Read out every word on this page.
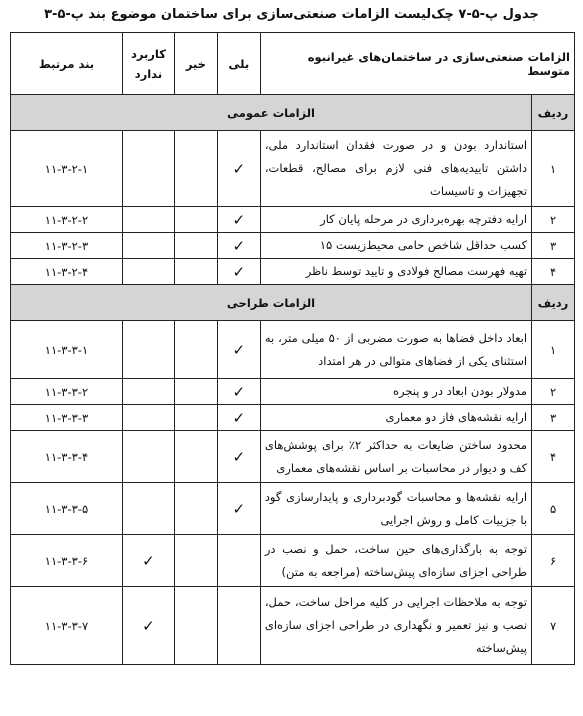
جدول پ-۵-۷ چک‌لیست الزامات صنعتی‌سازی برای ساختمان موضوع بند پ-۵-۳
الزامات صنعتی‌سازی در ساختمان‌های غیرانبوه متوسط		بلی	خیر	کاربرد ندارد	بند مرتبط
ردیف	الزامات عمومی				
۱	استاندارد بودن و در صورت فقدان استاندارد ملی، داشتن تاییدیه‌های فنی لازم برای مصالح، قطعات، تجهیزات و تاسیسات	✓			۱۱-۳-۲-۱
۲	ارایه دفترچه بهره‌برداری در مرحله پایان کار	✓			۱۱-۳-۲-۲
۳	کسب حداقل شاخص حامی محیط‌زیست ۱۵	✓			۱۱-۳-۲-۳
۴	تهیه فهرست مصالح فولادی و تایید توسط ناظر	✓			۱۱-۳-۲-۴
ردیف	الزامات طراحی				
۱	ابعاد داخل فضاها به صورت مضربی از ۵۰ میلی متر، به استثنای یکی از فضاهای متوالی در هر امتداد	✓			۱۱-۳-۳-۱
۲	مدولار بودن ابعاد در و پنجره	✓			۱۱-۳-۳-۲
۳	ارایه نقشه‌های فاز دو معماری	✓			۱۱-۳-۳-۳
۴	محدود ساختن ضایعات به حداکثر ۲٪ برای پوشش‌های کف و دیوار در محاسبات بر اساس نقشه‌های معماری	✓			۱۱-۳-۳-۴
۵	ارایه نقشه‌ها و محاسبات گودبرداری و پایدارسازی گود با جزییات کامل و روش اجرایی	✓			۱۱-۳-۳-۵
۶	توجه به بارگذاری‌های حین ساخت، حمل و نصب در طراحی اجزای سازه‌ای پیش‌ساخته (مراجعه به متن)			✓	۱۱-۳-۳-۶
۷	توجه به ملاحظات اجرایی در کلیه مراحل ساخت، حمل، نصب و نیز تعمیر و نگهداری در طراحی اجزای سازه‌ای پیش‌ساخته			✓	۱۱-۳-۳-۷
